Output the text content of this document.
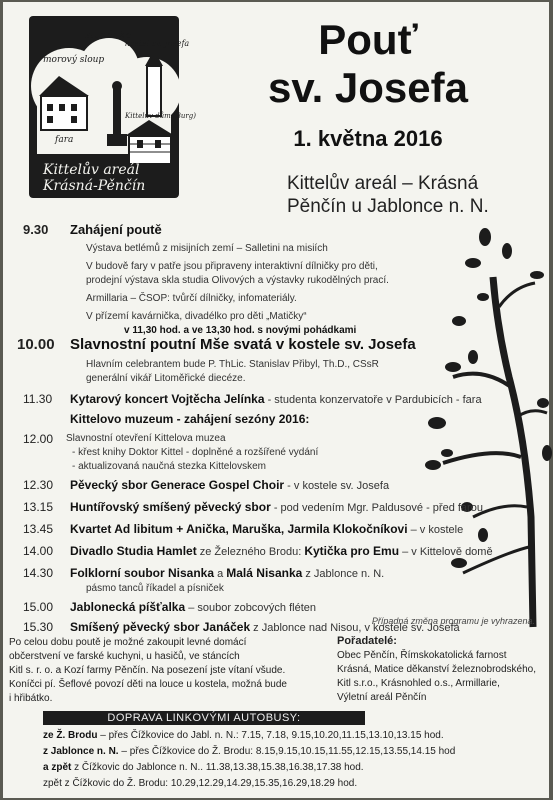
studánka
morový sloup
kostel sv. Josefa
fara
Kittelův dům (Burg)
Kittelův areál
Krásná-Pěnčín
Pouť
sv. Josefa
1. května 2016
Kittelův areál – Krásná
Pěnčín u Jablonce n. N.
9.30 Zahájení poutě
Výstava betlémů z misijních zemí – Salletini na misiích
V budově fary v patře jsou připraveny interaktivní dílničky pro děti,
prodejní výstava skla studia Olivových a výstavky rukodělných prací.
Armillaria – ČSOP: tvůrčí dílničky, infomateriály.
V přízemí kavárnička, divadélko pro děti „Matičky“
v 11,30 hod. a ve 13,30 hod. s novými pohádkami
10.00 Slavnostní poutní Mše svatá v kostele sv. Josefa
Hlavním celebrantem bude P. ThLic. Stanislav Přibyl, Th.D., CSsR
generální vikář Litoměřické diecéze.
11.30 Kytarový koncert Vojtěcha Jelínka - studenta konzervatoře v Pardubicích - fara
Kittelovo muzeum - zahájení sezóny 2016:
12.00 Slavnostní otevření Kittelova muzea
- křest knihy Doktor Kittel - doplněné a rozšířené vydání
- aktualizovaná naučná stezka Kittelovskem
12.30 Pěvecký sbor Generace Gospel Choir - v kostele sv. Josefa
13.15 Huntířovský smíšený pěvecký sbor - pod vedením Mgr. Paldusové - před farou
13.45 Kvartet Ad libitum + Anička, Maruška, Jarmila Klokočníkovi – v kostele
14.00 Divadlo Studia Hamlet ze Železného Brodu: Kytička pro Emu – v Kittelově domě
14.30 Folklorní soubor Nisanka a Malá Nisanka z Jablonce n. N.
pásmo tanců říkadel a písniček
15.00 Jablonecká píšťalka – soubor zobcových fléten
15.30 Smíšený pěvecký sbor Janáček z Jablonce nad Nisou, v kostele sv. Josefa
Případná změna programu je vyhrazena.
Po celou dobu poutě je možné zakoupit levné domácí
občerstvení ve farské kuchyni, u hasičů, ve stáncích
Kitl s. r. o. a Kozí farmy Pěnčín. Na posezení jste vítaní všude.
Koníčci pí. Šeflové povozí děti na louce u kostela, možná bude
i hřibátko.
Pořadatelé:
Obec Pěnčín, Římskokatolická farnost
Krásná, Matice děkanství železnobrodského,
Kitl s.r.o., Krásnohled o.s., Armillarie,
Výletní areál Pěnčín
DOPRAVA LINKOVÝMI AUTOBUSY:
ze Ž. Brodu – přes Čížkovice do Jabl. n. N.: 7.15, 7.18, 9.15,10.20,11.15,13.10,13.15 hod.
z Jablonce n. N. – přes Čížkovice do Ž. Brodu: 8.15,9.15,10.15,11.55,12.15,13.55,14.15 hod
a zpět z Čížkovic do Jablonce n. N.. 11.38,13.38,15.38,16.38,17.38 hod.
zpět z Čížkovic do Ž. Brodu: 10.29,12.29,14.29,15.35,16.29,18.29 hod.
